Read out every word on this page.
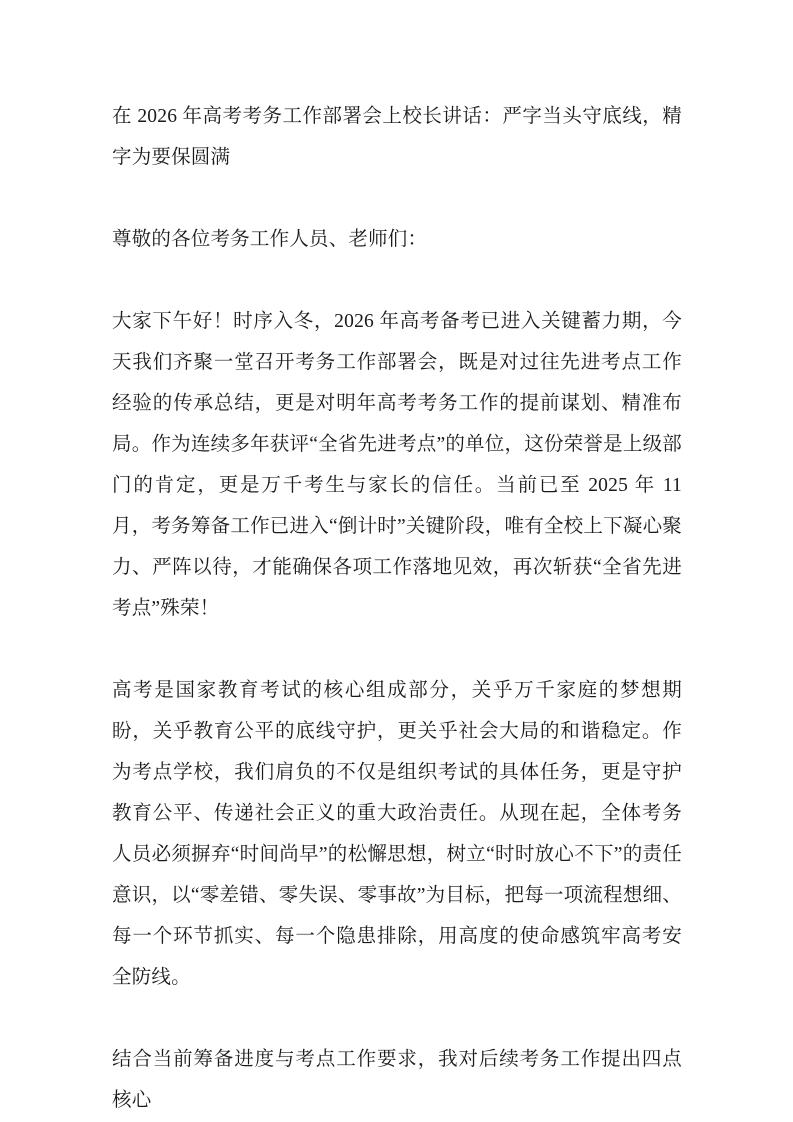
在 2026 年高考考务工作部署会上校长讲话：严字当头守底线，精字为要保圆满

尊敬的各位考务工作人员、老师们：

大家下午好！时序入冬，2026 年高考备考已进入关键蓄力期，今天我们齐聚一堂召开考务工作部署会，既是对过往先进考点工作经验的传承总结，更是对明年高考考务工作的提前谋划、精准布局。作为连续多年获评“全省先进考点”的单位，这份荣誉是上级部门的肯定，更是万千考生与家长的信任。当前已至 2025 年 11 月，考务筹备工作已进入“倒计时”关键阶段，唯有全校上下凝心聚力、严阵以待，才能确保各项工作落地见效，再次斩获“全省先进考点”殊荣！

高考是国家教育考试的核心组成部分，关乎万千家庭的梦想期盼，关乎教育公平的底线守护，更关乎社会大局的和谐稳定。作为考点学校，我们肩负的不仅是组织考试的具体任务，更是守护教育公平、传递社会正义的重大政治责任。从现在起，全体考务人员必须摒弃“时间尚早”的松懈思想，树立“时时放心不下”的责任意识，以“零差错、零失误、零事故”为目标，把每一项流程想细、每一个环节抓实、每一个隐患排除，用高度的使命感筑牢高考安全防线。

结合当前筹备进度与考点工作要求，我对后续考务工作提出四点核心
